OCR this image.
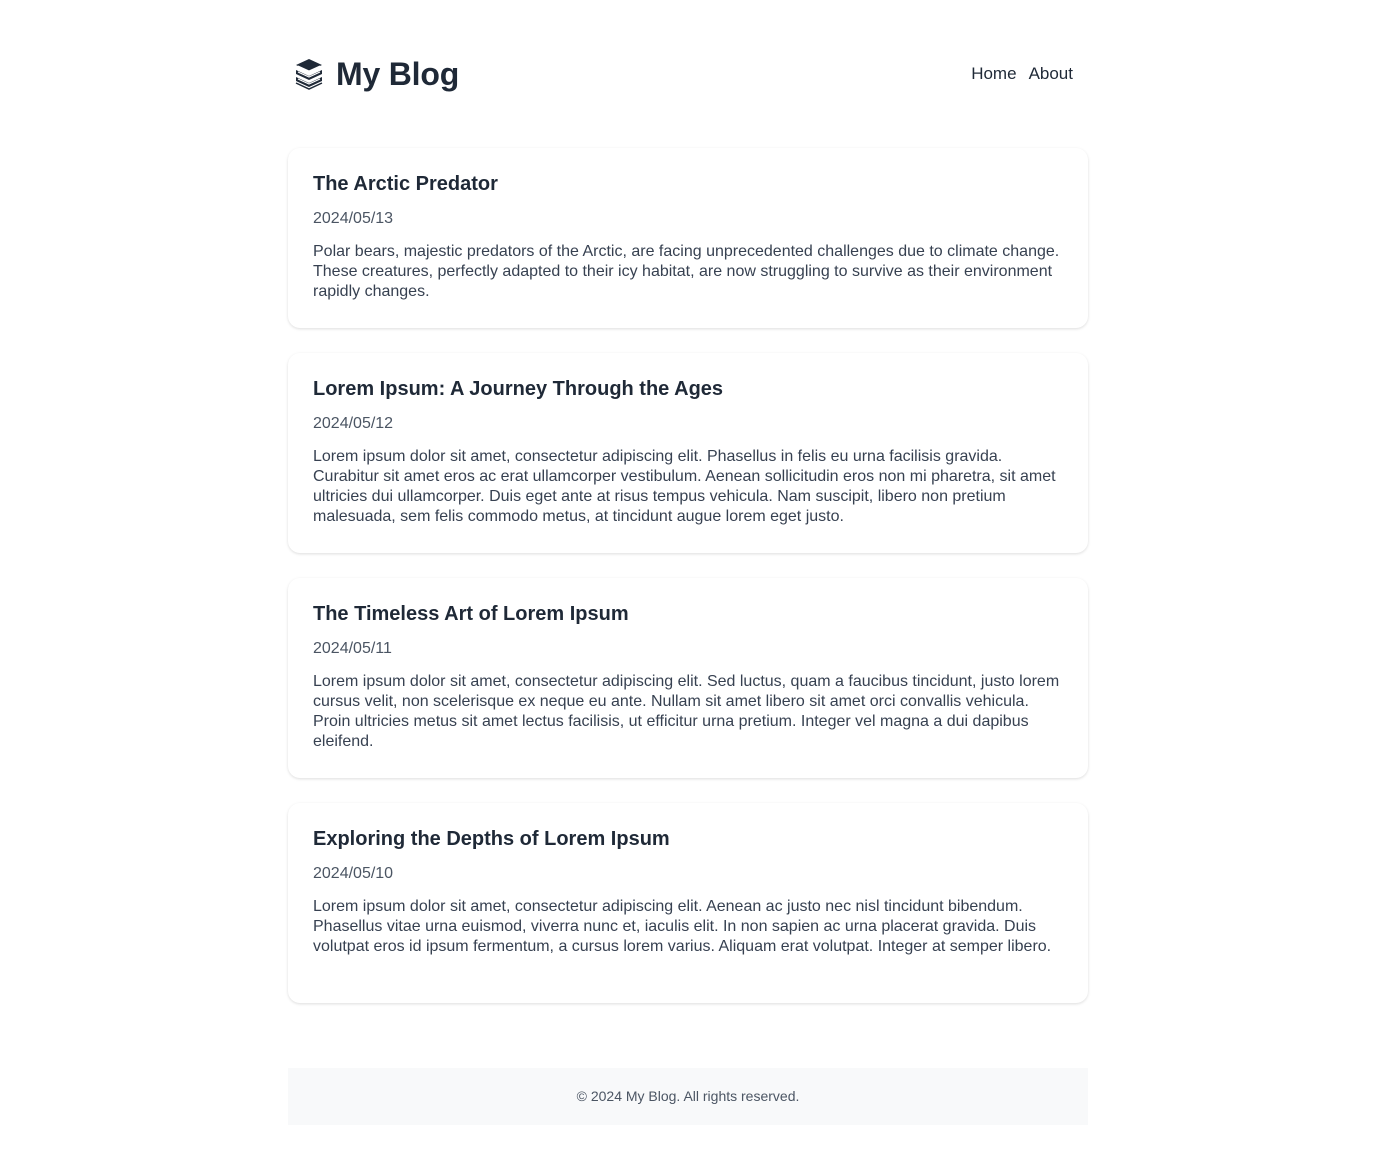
My Blog	Home About
The Arctic Predator
2024/05/13

Polar bears, majestic predators of the Arctic, are facing unprecedented challenges due to climate change. These creatures, perfectly adapted to their icy habitat, are now struggling to survive as their environment rapidly changes.

Lorem Ipsum: A Journey Through the Ages
2024/05/12

Lorem ipsum dolor sit amet, consectetur adipiscing elit. Phasellus in felis eu urna facilisis gravida. Curabitur sit amet eros ac erat ullamcorper vestibulum. Aenean sollicitudin eros non mi pharetra, sit amet ultricies dui ullamcorper. Duis eget ante at risus tempus vehicula. Nam suscipit, libero non pretium malesuada, sem felis commodo metus, at tincidunt augue lorem eget justo.

The Timeless Art of Lorem Ipsum
2024/05/11

Lorem ipsum dolor sit amet, consectetur adipiscing elit. Sed luctus, quam a faucibus tincidunt, justo lorem cursus velit, non scelerisque ex neque eu ante. Nullam sit amet libero sit amet orci convallis vehicula. Proin ultricies metus sit amet lectus facilisis, ut efficitur urna pretium. Integer vel magna a dui dapibus eleifend.

Exploring the Depths of Lorem Ipsum
2024/05/10

Lorem ipsum dolor sit amet, consectetur adipiscing elit. Aenean ac justo nec nisl tincidunt bibendum. Phasellus vitae urna euismod, viverra nunc et, iaculis elit. In non sapien ac urna placerat gravida. Duis volutpat eros id ipsum fermentum, a cursus lorem varius. Aliquam erat volutpat. Integer at semper libero.

© 2024 My Blog. All rights reserved.
